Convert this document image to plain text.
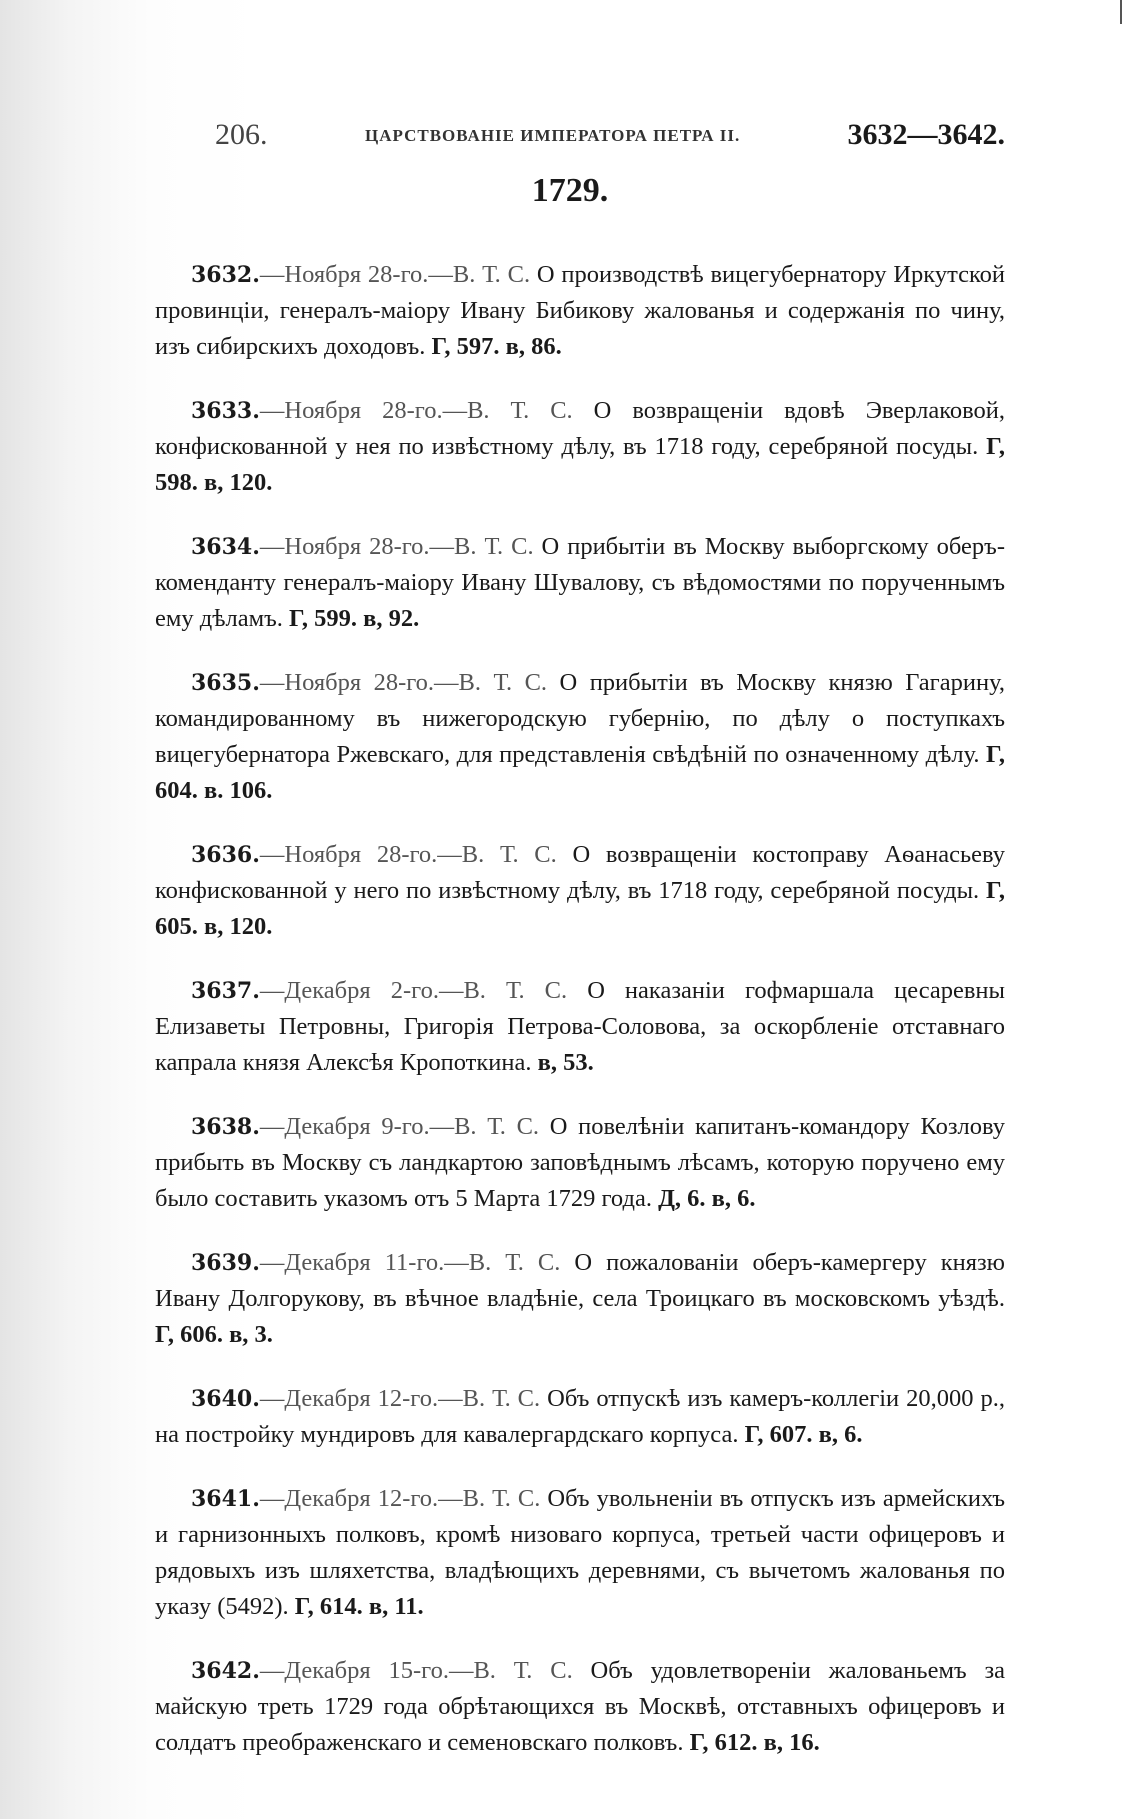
206.	ЦАРСТВОВАНІЕ ИМПЕРАТОРА ПЕТРА II.	3632—3642.
1729.

3632.—Ноября 28-го.—В. Т. С. О производствѣ вицегубернатору Иркутской провинціи, генералъ-маіору Ивану Бибикову жалованья и содержанія по чину, изъ сибирскихъ доходовъ. Г, 597. в, 86.

3633.—Ноября 28-го.—В. Т. С. О возвращеніи вдовѣ Эверлаковой, конфискованной у нея по извѣстному дѣлу, въ 1718 году, серебряной посуды. Г, 598. в, 120.

3634.—Ноября 28-го.—В. Т. С. О прибытіи въ Москву выборгскому оберъ-коменданту генералъ-маіору Ивану Шувалову, съ вѣдомостями по порученнымъ ему дѣламъ. Г, 599. в, 92.

3635.—Ноября 28-го.—В. Т. С. О прибытіи въ Москву князю Гагарину, командированному въ нижегородскую губернію, по дѣлу о поступкахъ вицегубернатора Ржевскаго, для представленія свѣдѣній по означенному дѣлу. Г, 604. в. 106.

3636.—Ноября 28-го.—В. Т. С. О возвращеніи костоправу Аѳанасьеву конфискованной у него по извѣстному дѣлу, въ 1718 году, серебряной посуды. Г, 605. в, 120.

3637.—Декабря 2-го.—В. Т. С. О наказаніи гофмаршала цесаревны Елизаветы Петровны, Григорія Петрова-Соловова, за оскорбленіе отставнаго капрала князя Алексѣя Кропоткина. в, 53.

3638.—Декабря 9-го.—В. Т. С. О повелѣніи капитанъ-командору Козлову прибыть въ Москву съ ландкартою заповѣднымъ лѣсамъ, которую поручено ему было составить указомъ отъ 5 Марта 1729 года. Д, 6. в, 6.

3639.—Декабря 11-го.—В. Т. С. О пожалованіи оберъ-камергеру князю Ивану Долгорукову, въ вѣчное владѣніе, села Троицкаго въ московскомъ уѣздѣ. Г, 606. в, 3.

3640.—Декабря 12-го.—В. Т. С. Объ отпускѣ изъ камеръ-коллегіи 20,000 р., на постройку мундировъ для кавалергардскаго корпуса. Г, 607. в, 6.

3641.—Декабря 12-го.—В. Т. С. Объ увольненіи въ отпускъ изъ армейскихъ и гарнизонныхъ полковъ, кромѣ низоваго корпуса, третьей части офицеровъ и рядовыхъ изъ шляхетства, владѣющихъ деревнями, съ вычетомъ жалованья по указу (5492). Г, 614. в, 11.

3642.—Декабря 15-го.—В. Т. С. Объ удовлетвореніи жалованьемъ за майскую треть 1729 года обрѣтающихся въ Москвѣ, отставныхъ офицеровъ и солдатъ преображенскаго и семеновскаго полковъ. Г, 612. в, 16.
